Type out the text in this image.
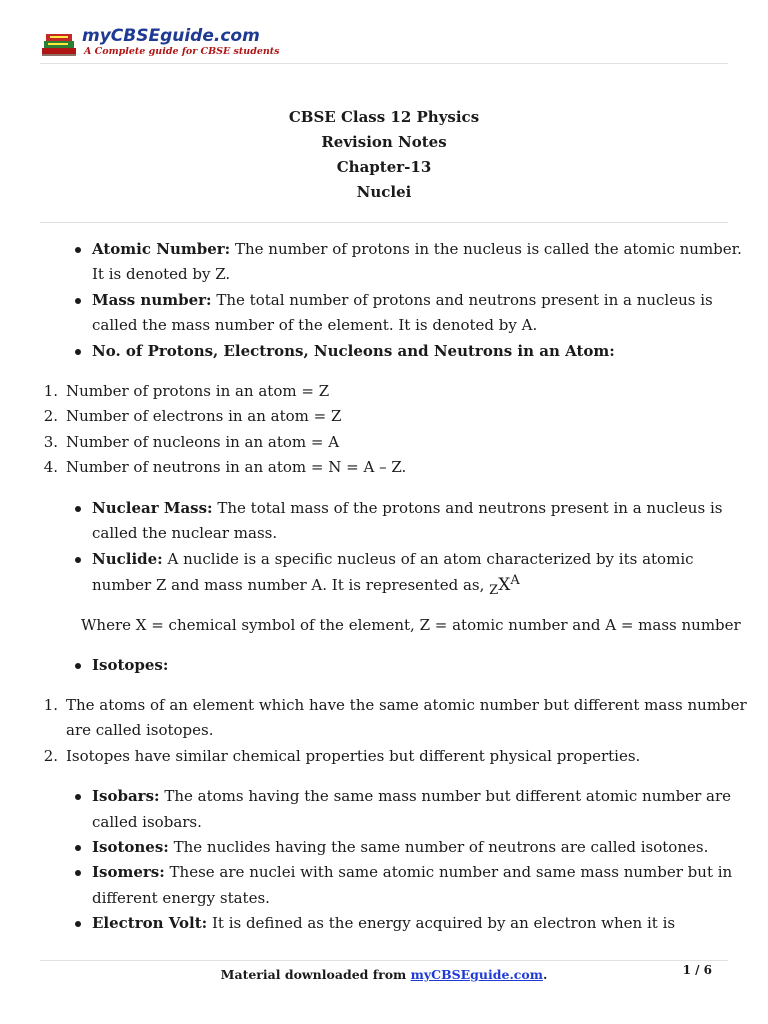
myCBSEguide.com
A Complete guide for CBSE students
CBSE Class 12 Physics
Revision Notes
Chapter-13
Nuclei
Atomic Number: The number of protons in the nucleus is called the atomic number.
It is denoted by Z.
Mass number: The total number of protons and neutrons present in a nucleus is
called the mass number of the element. It is denoted by A.
No. of Protons, Electrons, Nucleons and Neutrons in an Atom:
1. Number of protons in an atom = Z
2. Number of electrons in an atom = Z
3. Number of nucleons in an atom = A
4. Number of neutrons in an atom = N = A – Z.
Nuclear Mass: The total mass of the protons and neutrons present in a nucleus is
called the nuclear mass.
Nuclide: A nuclide is a specific nucleus of an atom characterized by its atomic
number Z and mass number A. It is represented as, ZXA
Where X = chemical symbol of the element, Z = atomic number and A = mass number
Isotopes:
1. The atoms of an element which have the same atomic number but different mass number
are called isotopes.
2. Isotopes have similar chemical properties but different physical properties.
Isobars: The atoms having the same mass number but different atomic number are
called isobars.
Isotones: The nuclides having the same number of neutrons are called isotones.
Isomers: These are nuclei with same atomic number and same mass number but in
different energy states.
Electron Volt: It is defined as the energy acquired by an electron when it is
Material downloaded from myCBSEguide.com.	1 / 6
